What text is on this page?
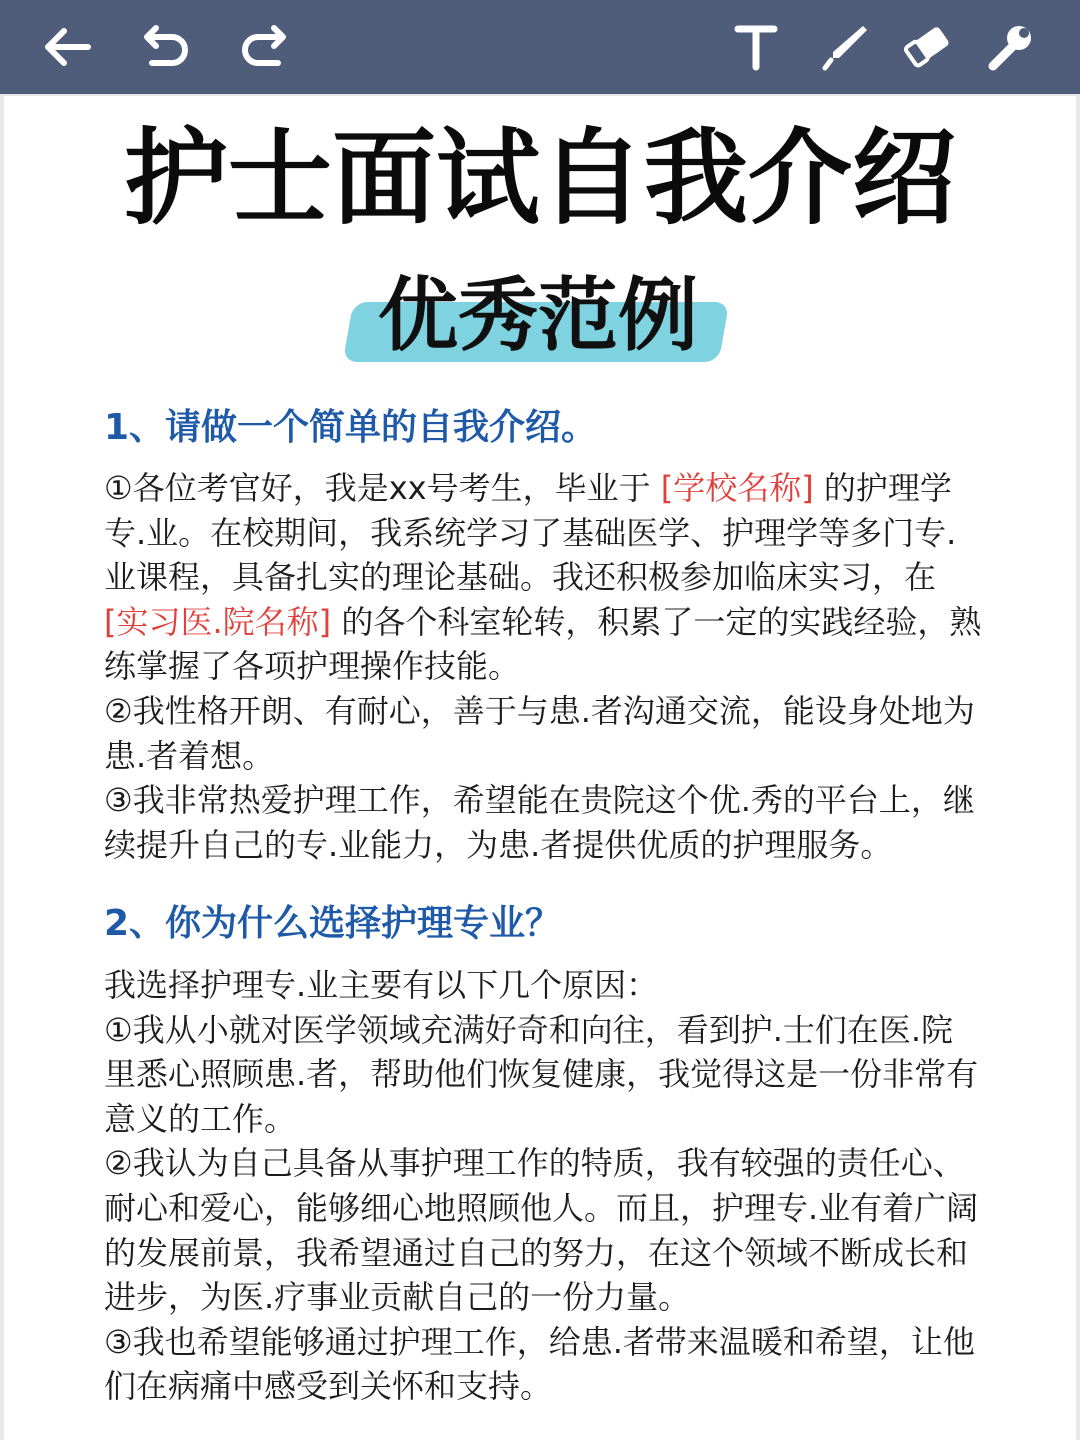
护士面试自我介绍
优秀范例
1、请做一个简单的自我介绍。

①各位考官好，我是xx号考生，毕业于 [学校名称] 的护理学

专.业。在校期间，我系统学习了基础医学、护理学等多门专.

业课程，具备扎实的理论基础。我还积极参加临床实习，在

[实习医.院名称] 的各个科室轮转，积累了一定的实践经验，熟

练掌握了各项护理操作技能。

②我性格开朗、有耐心，善于与患.者沟通交流，能设身处地为

患.者着想。

③我非常热爱护理工作，希望能在贵院这个优.秀的平台上，继

续提升自己的专.业能力，为患.者提供优质的护理服务。

2、你为什么选择护理专业？

我选择护理专.业主要有以下几个原因：

①我从小就对医学领域充满好奇和向往，看到护.士们在医.院

里悉心照顾患.者，帮助他们恢复健康，我觉得这是一份非常有

意义的工作。

②我认为自己具备从事护理工作的特质，我有较强的责任心、

耐心和爱心，能够细心地照顾他人。而且，护理专.业有着广阔

的发展前景，我希望通过自己的努力，在这个领域不断成长和

进步，为医.疗事业贡献自己的一份力量。

③我也希望能够通过护理工作，给患.者带来温暖和希望，让他

们在病痛中感受到关怀和支持。
